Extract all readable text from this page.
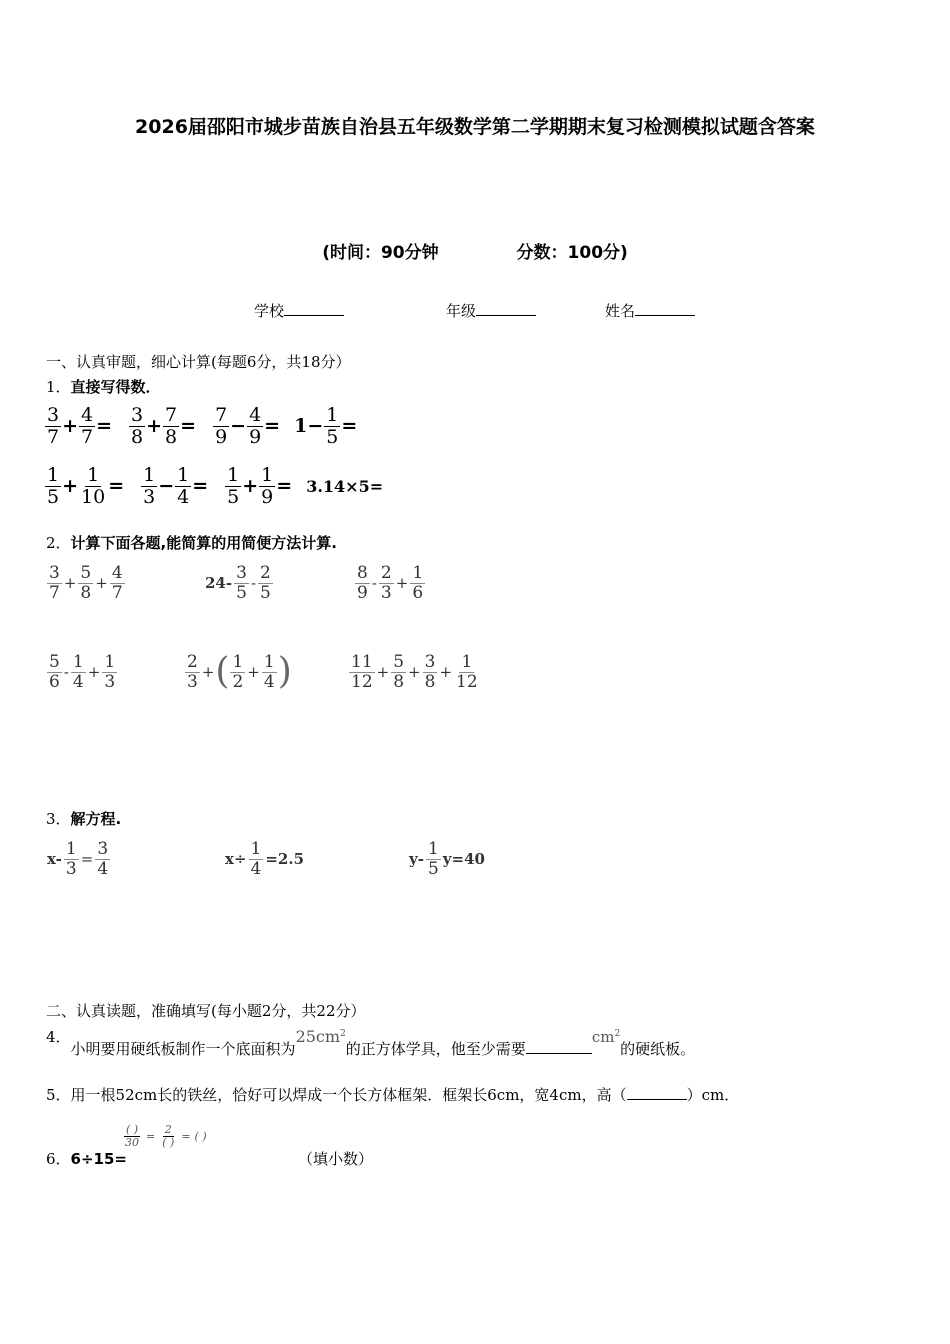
2026届邵阳市城步苗族自治县五年级数学第二学期期末复习检测模拟试题含答案
(时间：90分钟	分数：100分)
学校	年级	姓名
一、认真审题，细心计算(每题6分，共18分）
1．直接写得数．
$\frac{3}{7} + \frac{4}{7} = \frac{3}{8} + \frac{7}{8} = \frac{7}{9} - \frac{4}{9} = 1- \frac{1}{5}$ =
$\frac{1}{5} + \frac{1}{10} = \frac{1}{3} - \frac{1}{4} = \frac{1}{5} + \frac{1}{9} = 3.14\times 5=$
2．计算下面各题,能简算的用简便方法计算.
$\frac{3}{7} + \frac{5}{8} + \frac{4}{7}$	$24- \frac{3}{5} - \frac{2}{5}$	$\frac{8}{9} - \frac{2}{3} + \frac{1}{6}$
$\frac{5}{6} - \frac{1}{4} + \frac{1}{3}$	$\frac{2}{3}$ + ( $\frac{1}{2} + \frac{1}{4}$ )	$\frac{11}{12} + \frac{5}{8} + \frac{3}{8} + \frac{1}{12}$
3．解方程.
$x- \frac{1}{3} = \frac{3}{4}$	$x\div \frac{1}{4} =2.5$	$y- \frac{1}{5} y=40$
二、认真读题，准确填写(每小题2分，共22分）
4．小明要用硬纸板制作一个底面积为$25cm^2$的正方体学具，他至少需要$cm^2$的硬纸板。
5．用一根52cm长的铁丝，恰好可以焊成一个长方体框架．框架长6cm，宽4cm，高（	）cm．
6．6÷15=
$\frac{( )}{30} = \frac{2}{( )}$ = ( )
（填小数）
